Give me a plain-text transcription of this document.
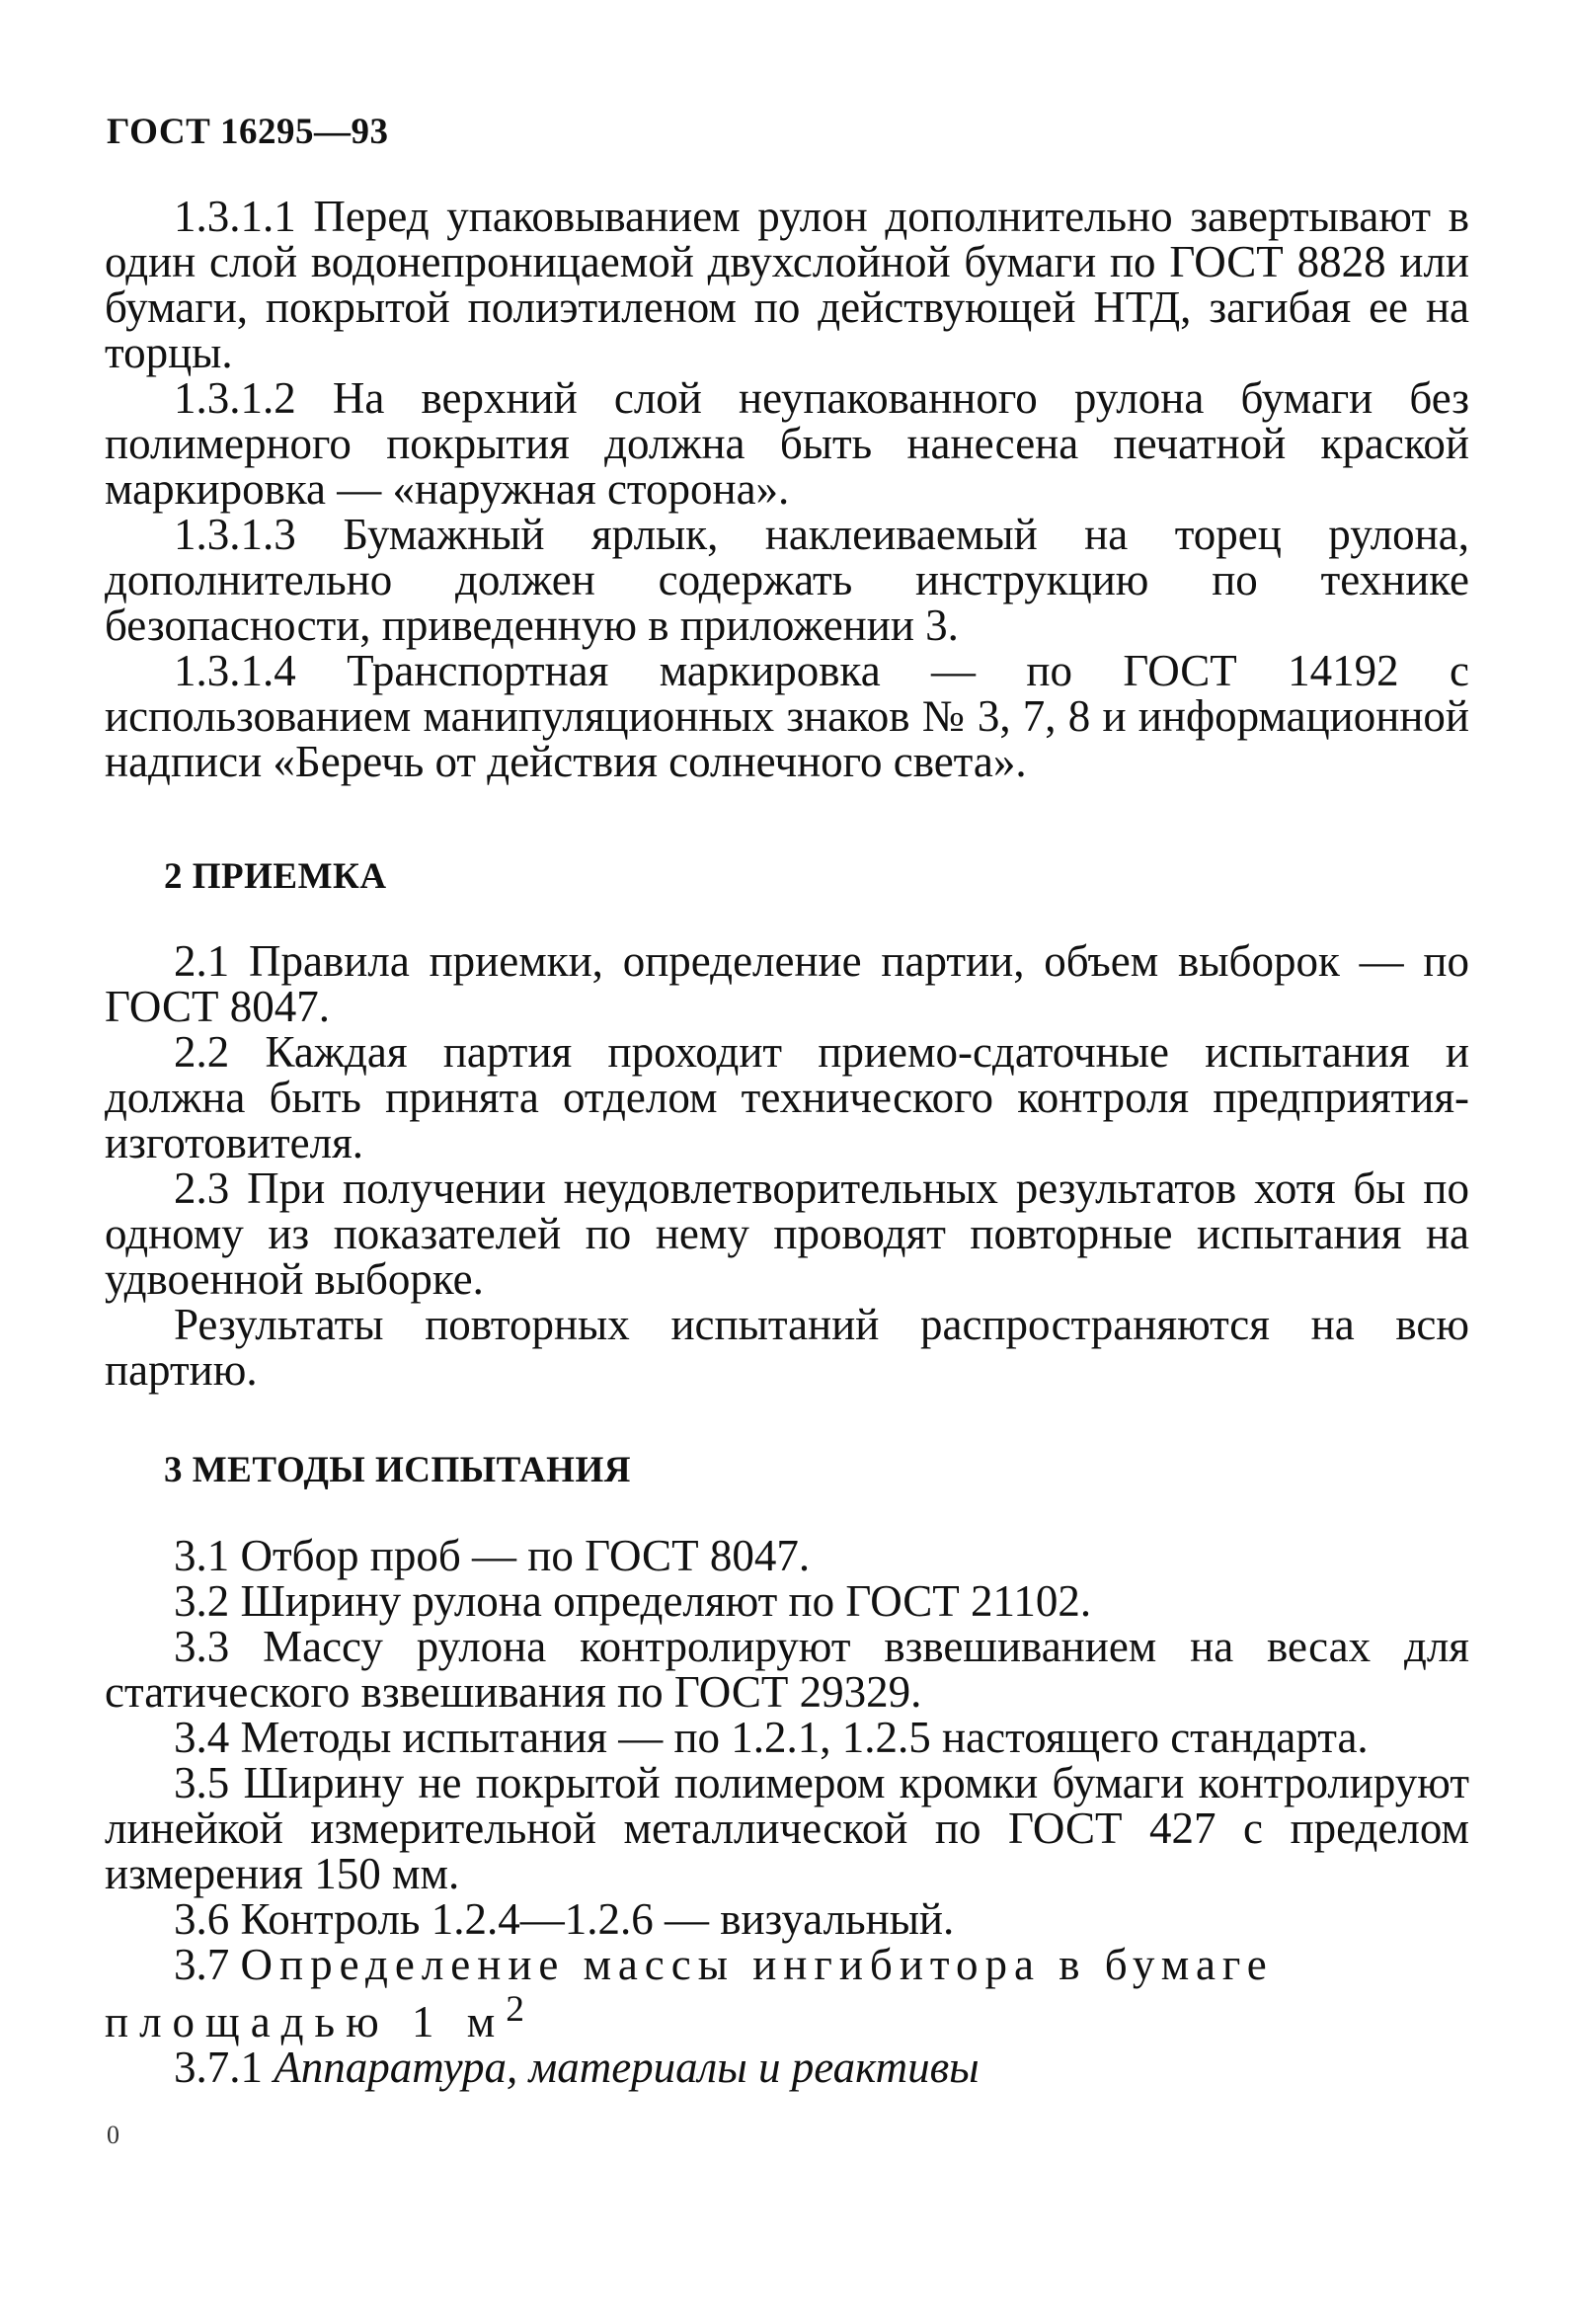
ГОСТ 16295—93

1.3.1.1 Перед упаковыванием рулон дополнительно завертывают в один слой водонепроницаемой двухслойной бумаги по ГОСТ 8828 или бумаги, покрытой полиэтиленом по действующей НТД, загибая ее на торцы.

1.3.1.2 На верхний слой неупакованного рулона бумаги без полимерного покрытия должна быть нанесена печатной краской маркировка — «наружная сторона».

1.3.1.3 Бумажный ярлык, наклеиваемый на торец рулона, дополнительно должен содержать инструкцию по технике безопасности, приведенную в приложении 3.

1.3.1.4 Транспортная маркировка — по ГОСТ 14192 с использованием манипуляционных знаков № 3, 7, 8 и информационной надписи «Беречь от действия солнечного света».

2 ПРИЕМКА

2.1 Правила приемки, определение партии, объем выборок — по ГОСТ 8047.

2.2 Каждая партия проходит приемо-сдаточные испытания и должна быть принята отделом технического контроля предприятия-изготовителя.

2.3 При получении неудовлетворительных результатов хотя бы по одному из показателей по нему проводят повторные испытания на удвоенной выборке.

Результаты повторных испытаний распространяются на всю партию.

3 МЕТОДЫ ИСПЫТАНИЯ

3.1 Отбор проб — по ГОСТ 8047.

3.2 Ширину рулона определяют по ГОСТ 21102.

3.3 Массу рулона контролируют взвешиванием на весах для статического взвешивания по ГОСТ 29329.

3.4 Методы испытания — по 1.2.1, 1.2.5 настоящего стандарта.

3.5 Ширину не покрытой полимером кромки бумаги контролируют линейкой измерительной металлической по ГОСТ 427 с пределом измерения 150 мм.

3.6 Контроль 1.2.4—1.2.6 — визуальный.

3.7 Определение массы ингибитора в бумаге

площадью 1 $м^2$

3.7.1 Аппаратура, материалы и реактивы

0
